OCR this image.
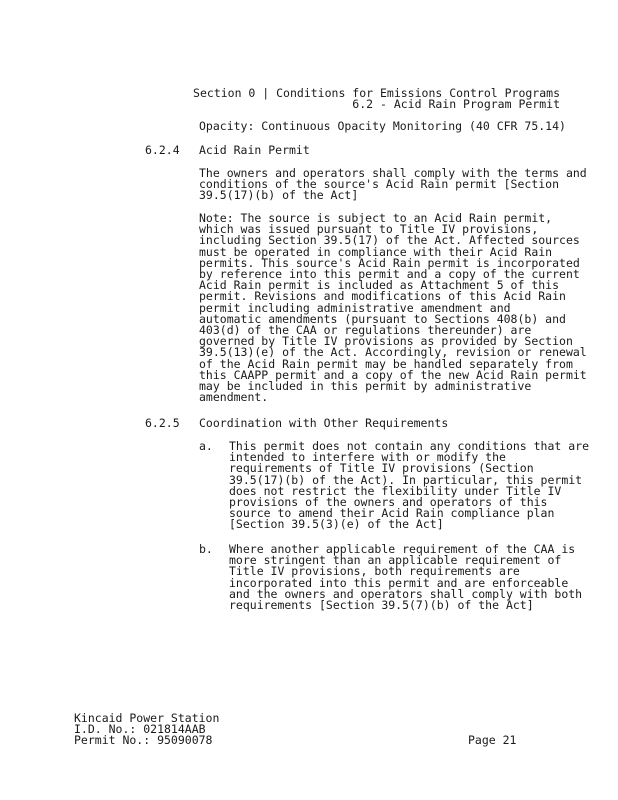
Section 0 | Conditions for Emissions Control Programs
6.2 - Acid Rain Program Permit
Opacity: Continuous Opacity Monitoring (40 CFR 75.14)
6.2.4 Acid Rain Permit
The owners and operators shall comply with the terms and
conditions of the source's Acid Rain permit [Section
39.5(17)(b) of the Act]
Note: The source is subject to an Acid Rain permit,
which was issued pursuant to Title IV provisions,
including Section 39.5(17) of the Act. Affected sources
must be operated in compliance with their Acid Rain
permits. This source's Acid Rain permit is incorporated
by reference into this permit and a copy of the current
Acid Rain permit is included as Attachment 5 of this
permit. Revisions and modifications of this Acid Rain
permit including administrative amendment and
automatic amendments (pursuant to Sections 408(b) and
403(d) of the CAA or regulations thereunder) are
governed by Title IV provisions as provided by Section
39.5(13)(e) of the Act. Accordingly, revision or renewal
of the Acid Rain permit may be handled separately from
this CAAPP permit and a copy of the new Acid Rain permit
may be included in this permit by administrative
amendment.
6.2.5 Coordination with Other Requirements
a. This permit does not contain any conditions that are
intended to interfere with or modify the
requirements of Title IV provisions (Section
39.5(17)(b) of the Act). In particular, this permit
does not restrict the flexibility under Title IV
provisions of the owners and operators of this
source to amend their Acid Rain compliance plan
[Section 39.5(3)(e) of the Act]
b. Where another applicable requirement of the CAA is
more stringent than an applicable requirement of
Title IV provisions, both requirements are
incorporated into this permit and are enforceable
and the owners and operators shall comply with both
requirements [Section 39.5(7)(b) of the Act]
Kincaid Power Station
I.D. No.: 021814AAB
Permit No.: 95090078	Page 21
